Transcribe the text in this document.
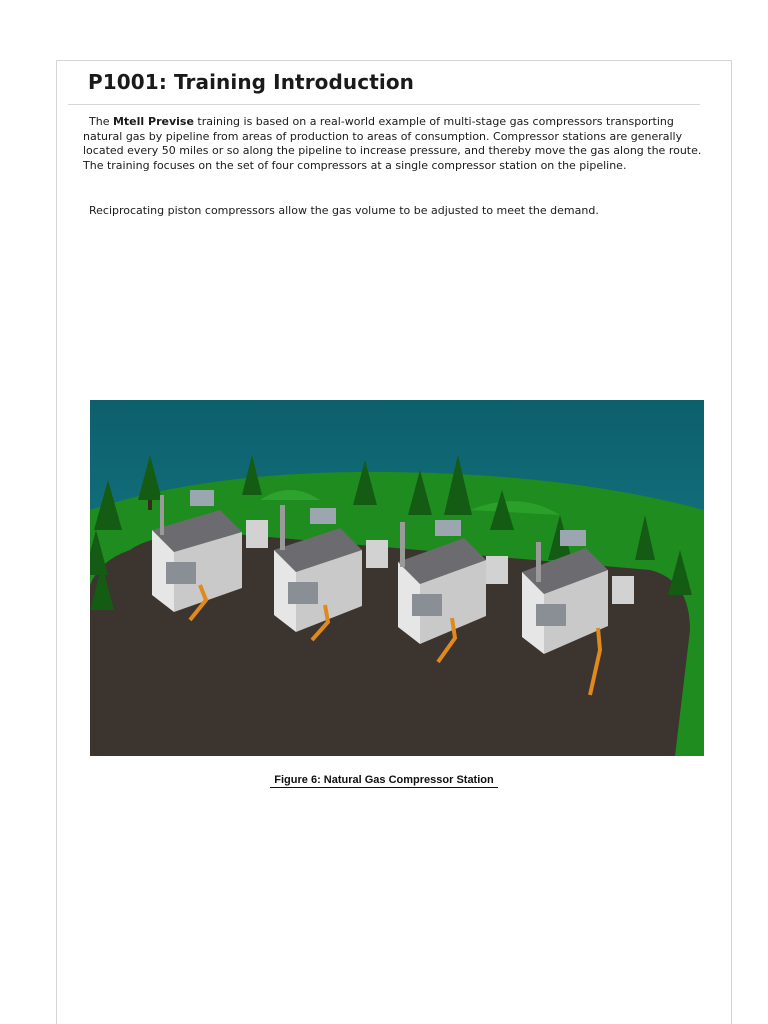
P1001: Training Introduction
The Mtell Previse training is based on a real-world example of multi-stage gas compressors transporting natural gas by pipeline from areas of production to areas of consumption. Compressor stations are generally located every 50 miles or so along the pipeline to increase pressure, and thereby move the gas along the route. The training focuses on the set of four compressors at a single compressor station on the pipeline.
Reciprocating piston compressors allow the gas volume to be adjusted to meet the demand.
Figure 6: Natural Gas Compressor Station
